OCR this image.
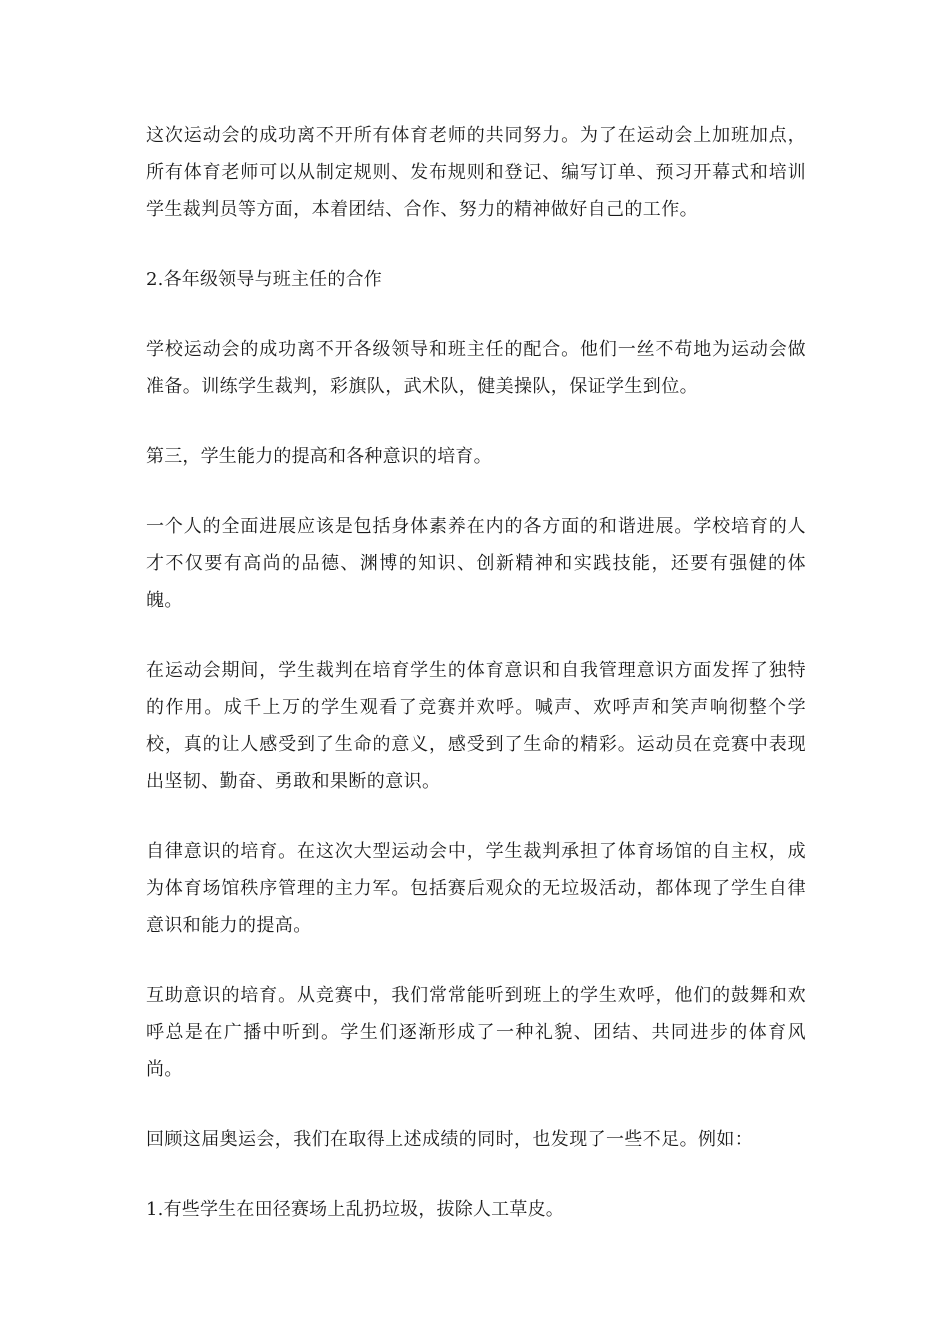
这次运动会的成功离不开所有体育老师的共同努力。为了在运动会上加班加点，所有体育老师可以从制定规则、发布规则和登记、编写订单、预习开幕式和培训学生裁判员等方面，本着团结、合作、努力的精神做好自己的工作。

2.各年级领导与班主任的合作

学校运动会的成功离不开各级领导和班主任的配合。他们一丝不苟地为运动会做准备。训练学生裁判，彩旗队，武术队，健美操队，保证学生到位。

第三，学生能力的提高和各种意识的培育。

一个人的全面进展应该是包括身体素养在内的各方面的和谐进展。学校培育的人才不仅要有高尚的品德、渊博的知识、创新精神和实践技能，还要有强健的体魄。

在运动会期间，学生裁判在培育学生的体育意识和自我管理意识方面发挥了独特的作用。成千上万的学生观看了竞赛并欢呼。喊声、欢呼声和笑声响彻整个学校，真的让人感受到了生命的意义，感受到了生命的精彩。运动员在竞赛中表现出坚韧、勤奋、勇敢和果断的意识。

自律意识的培育。在这次大型运动会中，学生裁判承担了体育场馆的自主权，成为体育场馆秩序管理的主力军。包括赛后观众的无垃圾活动，都体现了学生自律意识和能力的提高。

互助意识的培育。从竞赛中，我们常常能听到班上的学生欢呼，他们的鼓舞和欢呼总是在广播中听到。学生们逐渐形成了一种礼貌、团结、共同进步的体育风尚。

回顾这届奥运会，我们在取得上述成绩的同时，也发现了一些不足。例如：

1.有些学生在田径赛场上乱扔垃圾，拔除人工草皮。
